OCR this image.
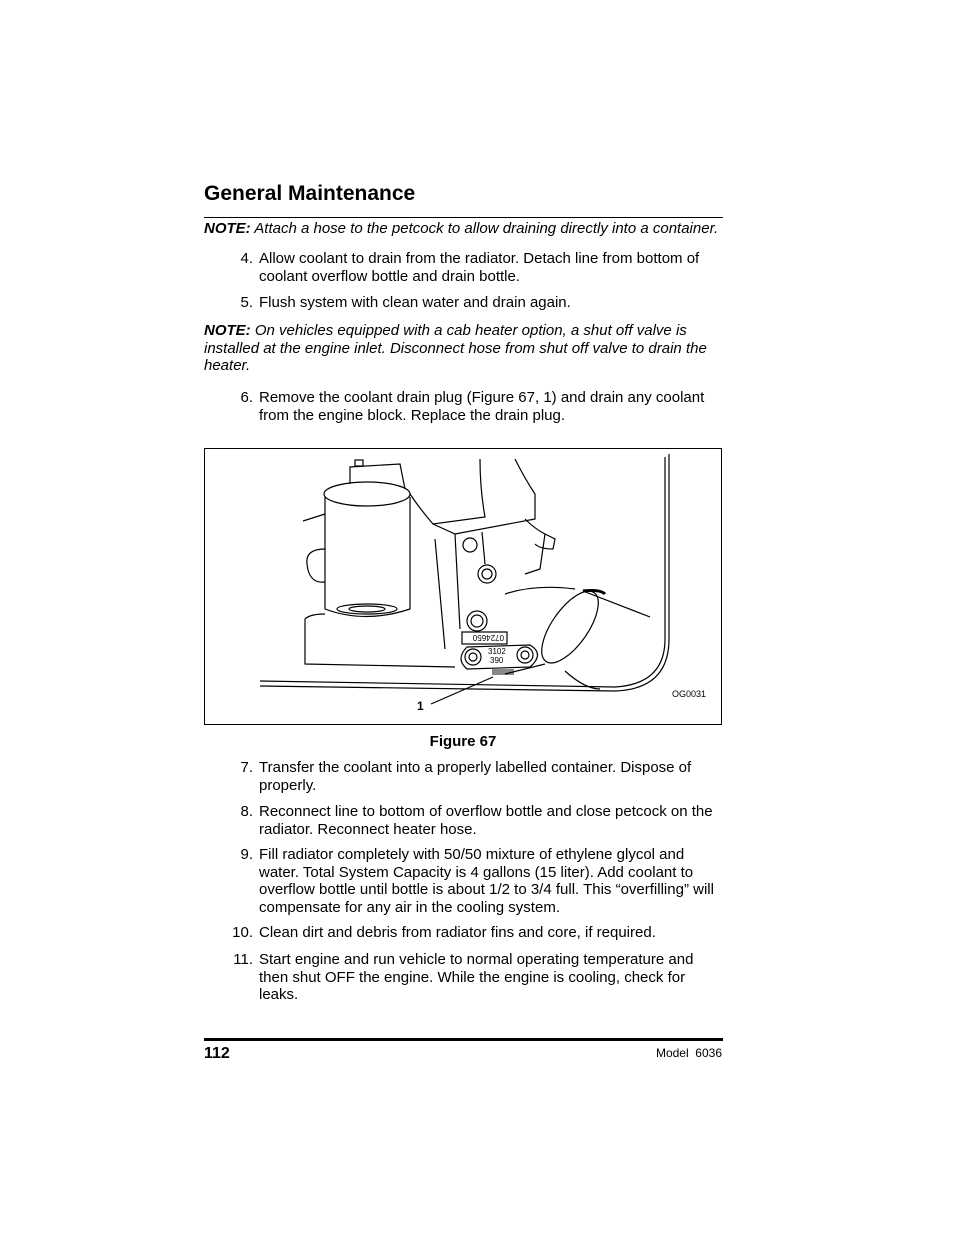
General Maintenance
NOTE: Attach a hose to the petcock to allow draining directly into a container.
4. Allow coolant to drain from the radiator. Detach line from bottom of coolant overflow bottle and drain bottle.
5. Flush system with clean water and drain again.
NOTE: On vehicles equipped with a cab heater option, a shut off valve is installed at the engine inlet. Disconnect hose from shut off valve to drain the heater.
6. Remove the coolant drain plug (Figure 67, 1) and drain any coolant from the engine block. Replace the drain plug.
0724650
390
3102
1
OG0031
Figure 67
7. Transfer the coolant into a properly labelled container. Dispose of properly.
8. Reconnect line to bottom of overflow bottle and close petcock on the radiator. Reconnect heater hose.
9. Fill radiator completely with 50/50 mixture of ethylene glycol and water. Total System Capacity is 4 gallons (15 liter). Add coolant to overflow bottle until bottle is about 1/2 to 3/4 full. This “overfilling” will compensate for any air in the cooling system.
10. Clean dirt and debris from radiator fins and core, if required.
11. Start engine and run vehicle to normal operating temperature and then shut OFF the engine. While the engine is cooling, check for leaks.
112	Model  6036
